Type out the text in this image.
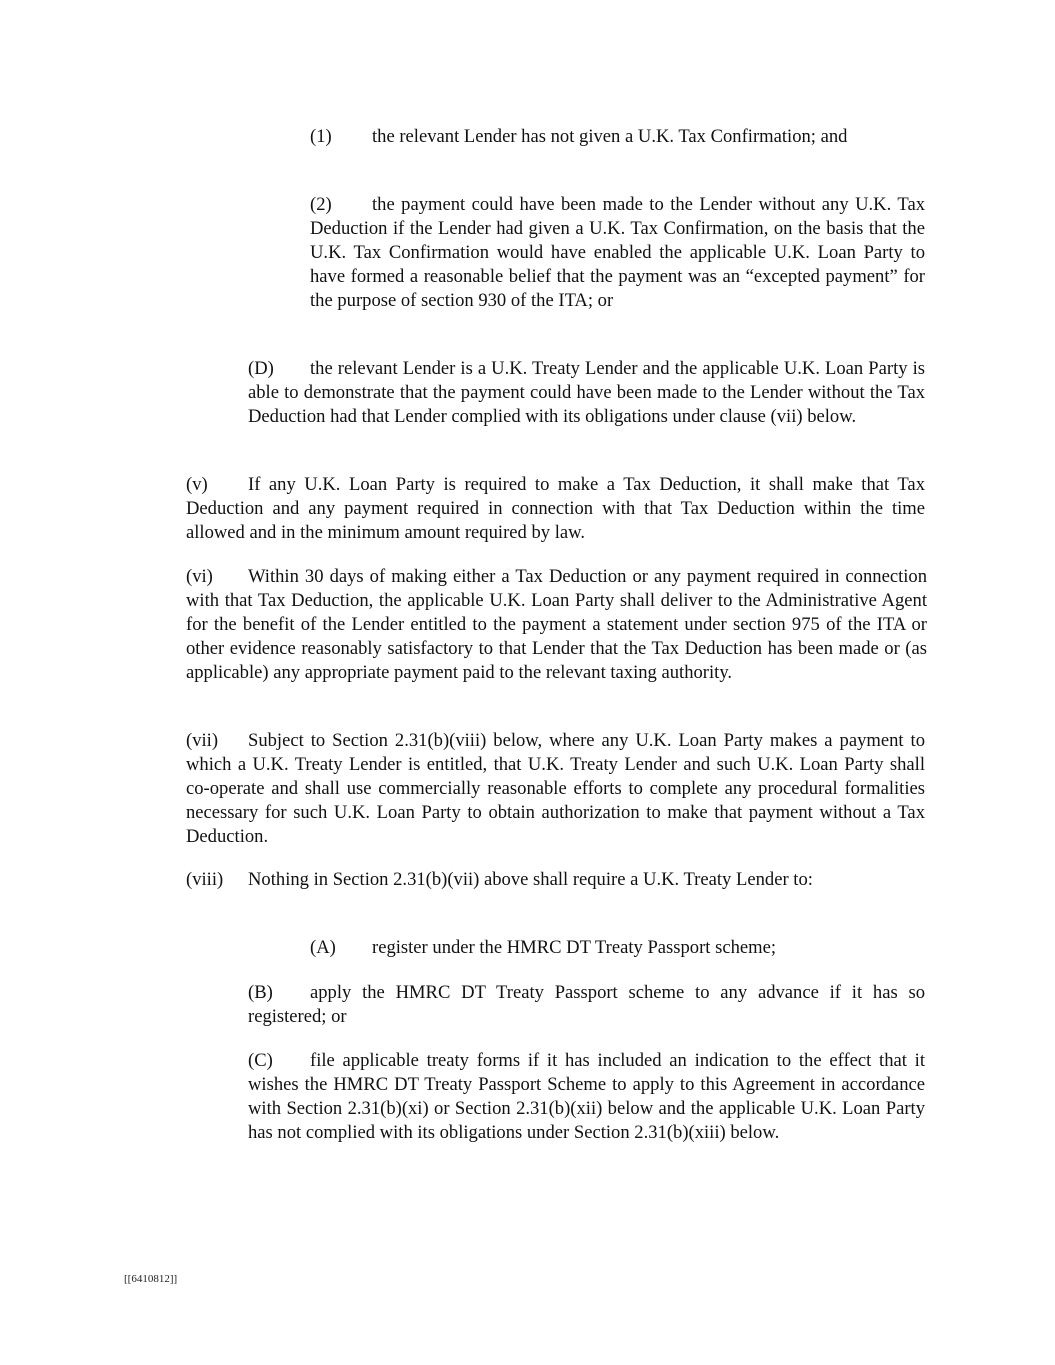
(1) the relevant Lender has not given a U.K. Tax Confirmation; and

(2) the payment could have been made to the Lender without any U.K. Tax Deduction if the Lender had given a U.K. Tax Confirmation, on the basis that the U.K. Tax Confirmation would have enabled the applicable U.K. Loan Party to have formed a reasonable belief that the payment was an “excepted payment” for the purpose of section 930 of the ITA; or

(D) the relevant Lender is a U.K. Treaty Lender and the applicable U.K. Loan Party is able to demonstrate that the payment could have been made to the Lender without the Tax Deduction had that Lender complied with its obligations under clause (vii) below.

(v) If any U.K. Loan Party is required to make a Tax Deduction, it shall make that Tax Deduction and any payment required in connection with that Tax Deduction within the time allowed and in the minimum amount required by law.

(vi) Within 30 days of making either a Tax Deduction or any payment required in connection with that Tax Deduction, the applicable U.K. Loan Party shall deliver to the Administrative Agent for the benefit of the Lender entitled to the payment a statement under section 975 of the ITA or other evidence reasonably satisfactory to that Lender that the Tax Deduction has been made or (as applicable) any appropriate payment paid to the relevant taxing authority.

(vii) Subject to Section 2.31(b)(viii) below, where any U.K. Loan Party makes a payment to which a U.K. Treaty Lender is entitled, that U.K. Treaty Lender and such U.K. Loan Party shall co-operate and shall use commercially reasonable efforts to complete any procedural formalities necessary for such U.K. Loan Party to obtain authorization to make that payment without a Tax Deduction.

(viii) Nothing in Section 2.31(b)(vii) above shall require a U.K. Treaty Lender to:

(A) register under the HMRC DT Treaty Passport scheme;

(B) apply the HMRC DT Treaty Passport scheme to any advance if it has so registered; or

(C) file applicable treaty forms if it has included an indication to the effect that it wishes the HMRC DT Treaty Passport Scheme to apply to this Agreement in accordance with Section 2.31(b)(xi) or Section 2.31(b)(xii) below and the applicable U.K. Loan Party has not complied with its obligations under Section 2.31(b)(xiii) below.

[[6410812]]
